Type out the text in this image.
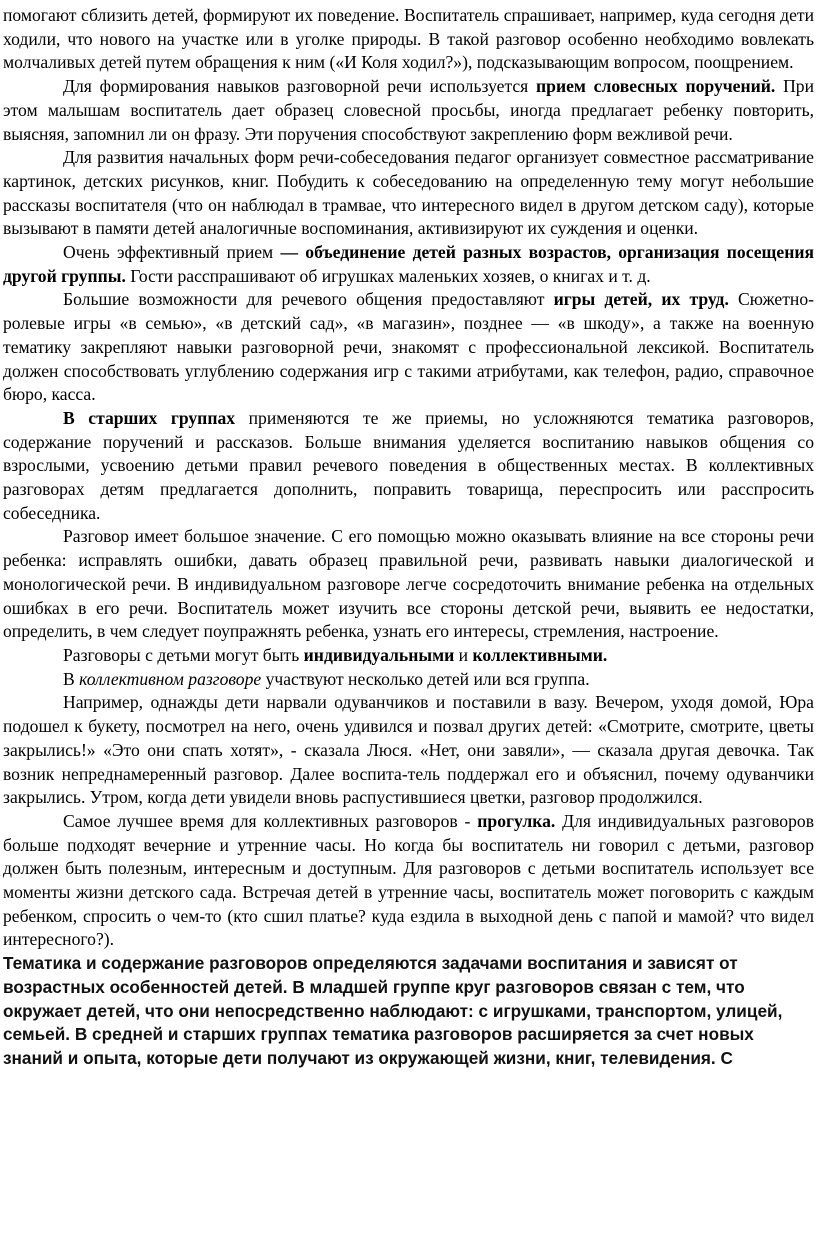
помогают сблизить детей, формируют их поведение. Воспитатель спрашивает, например, куда сегодня дети ходили, что нового на участке или в уголке природы. В такой разговор особенно необходимо вовлекать молчаливых детей путем обращения к ним («И Коля ходил?»), подсказывающим вопросом, поощрением.

Для формирования навыков разговорной речи используется прием словесных поручений. При этом малышам воспитатель дает образец словесной просьбы, иногда предлагает ребенку повторить, выясняя, запомнил ли он фразу. Эти поручения способствуют закреплению форм вежливой речи.

Для развития начальных форм речи-собеседования педагог организует совместное рассматривание картинок, детских рисунков, книг. Побудить к собеседованию на определенную тему могут небольшие рассказы воспитателя (что он наблюдал в трамвае, что интересного видел в другом детском саду), которые вызывают в памяти детей аналогичные воспоминания, активизируют их суждения и оценки.

Очень эффективный прием — объединение детей разных возрастов, организация посещения другой группы. Гости расспрашивают об игрушках маленьких хозяев, о книгах и т. д.

Большие возможности для речевого общения предоставляют игры детей, их труд. Сюжетно-ролевые игры «в семью», «в детский сад», «в магазин», позднее — «в шкоду», а также на военную тематику закрепляют навыки разговорной речи, знакомят с профессиональной лексикой. Воспитатель должен способствовать углублению содержания игр с такими атрибутами, как телефон, радио, справочное бюро, касса.

В старших группах применяются те же приемы, но усложняются тематика разговоров, содержание поручений и рассказов. Больше внимания уделяется воспитанию навыков общения со взрослыми, усвоению детьми правил речевого поведения в общественных местах. В коллективных разговорах детям предлагается дополнить, поправить товарища, переспросить или расспросить собеседника.

Разговор имеет большое значение. С его помощью можно оказывать влияние на все стороны речи ребенка: исправлять ошибки, давать образец правильной речи, развивать навыки диалогической и монологической речи. В индивидуальном разговоре легче сосредоточить внимание ребенка на отдельных ошибках в его речи. Воспитатель может изучить все стороны детской речи, выявить ее недостатки, определить, в чем следует поупражнять ребенка, узнать его интересы, стремления, настроение.

Разговоры с детьми могут быть индивидуальными и коллективными.

В коллективном разговоре участвуют несколько детей или вся группа.

Например, однажды дети нарвали одуванчиков и поставили в вазу. Вечером, уходя домой, Юра подошел к букету, посмотрел на него, очень удивился и позвал других детей: «Смотрите, смотрите, цветы закрылись!» «Это они спать хотят», - сказала Люся. «Нет, они завяли», — сказала другая девочка. Так возник непреднамеренный разговор. Далее воспита-тель поддержал его и объяснил, почему одуванчики закрылись. Утром, когда дети увидели вновь распустившиеся цветки, разговор продолжился.

Самое лучшее время для коллективных разговоров - прогулка. Для индивидуальных разговоров больше подходят вечерние и утренние часы. Но когда бы воспитатель ни говорил с детьми, разговор должен быть полезным, интересным и доступным. Для разговоров с детьми воспитатель использует все моменты жизни детского сада. Встречая детей в утренние часы, воспитатель может поговорить с каждым ребенком, спросить о чем-то (кто сшил платье? куда ездила в выходной день с папой и мамой? что видел интересного?).

Тематика и содержание разговоров определяются задачами воспитания и зависят от возрастных особенностей детей. В младшей группе круг разговоров связан с тем, что окружает детей, что они непосредственно наблюдают: с игрушками, транспортом, улицей, семьей. В средней и старших группах тематика разговоров расширяется за счет новых знаний и опыта, которые дети получают из окружающей жизни, книг, телевидения. С
